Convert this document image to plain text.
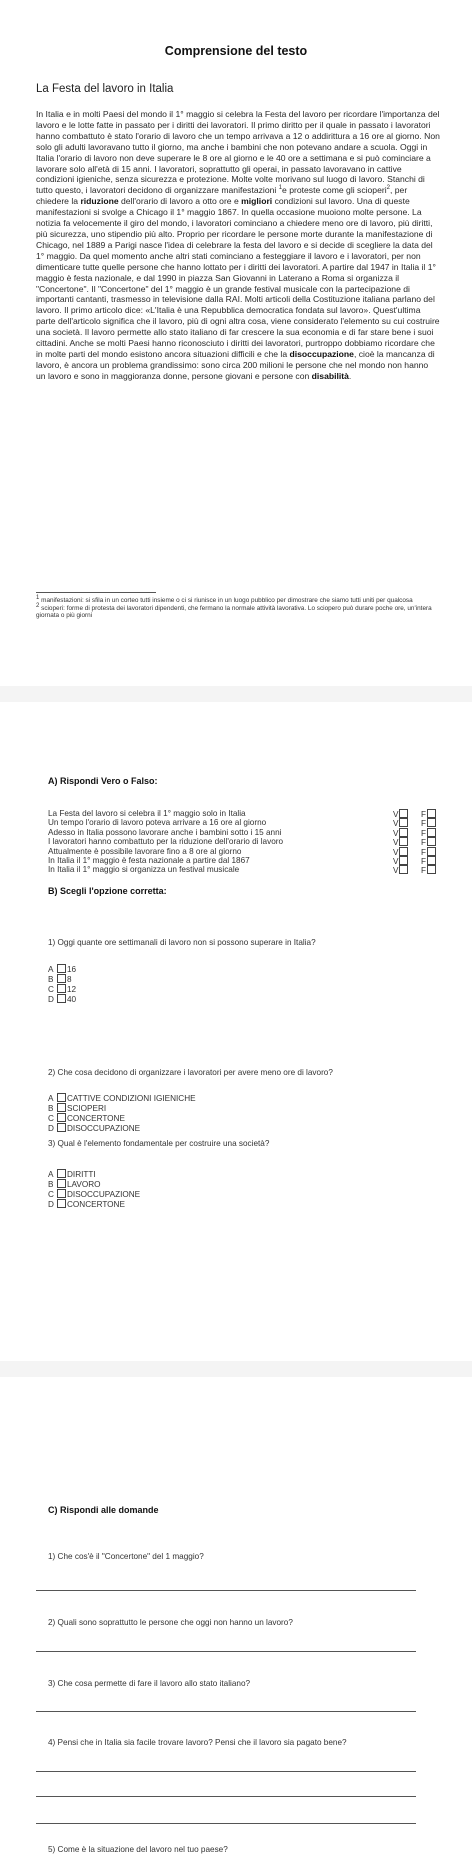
Comprensione del testo
La Festa del lavoro in Italia
In Italia e in molti Paesi del mondo il 1° maggio si celebra la Festa del lavoro per ricordare l'importanza del lavoro e le lotte fatte in passato per i diritti dei lavoratori. Il primo diritto per il quale in passato i lavoratori hanno combattuto è stato l'orario di lavoro che un tempo arrivava a 12 o addirittura a 16 ore al giorno. Non solo gli adulti lavoravano tutto il giorno, ma anche i bambini che non potevano andare a scuola. Oggi in Italia l'orario di lavoro non deve superare le 8 ore al giorno e le 40 ore a settimana e si può cominciare a lavorare solo all'età di 15 anni. I lavoratori, soprattutto gli operai, in passato lavoravano in cattive condizioni igieniche, senza sicurezza e protezione. Molte volte morivano sul luogo di lavoro. Stanchi di tutto questo, i lavoratori decidono di organizzare manifestazioni $^1$e proteste come gli scioperi$^2$, per chiedere la riduzione dell'orario di lavoro a otto ore e migliori condizioni sul lavoro. Una di queste manifestazioni si svolge a Chicago il 1° maggio 1867. In quella occasione muoiono molte persone. La notizia fa velocemente il giro del mondo, i lavoratori cominciano a chiedere meno ore di lavoro, più diritti, più sicurezza, uno stipendio più alto. Proprio per ricordare le persone morte durante la manifestazione di Chicago, nel 1889 a Parigi nasce l'idea di celebrare la festa del lavoro e si decide di scegliere la data del 1° maggio. Da quel momento anche altri stati cominciano a festeggiare il lavoro e i lavoratori, per non dimenticare tutte quelle persone che hanno lottato per i diritti dei lavoratori. A partire dal 1947 in Italia il 1° maggio è festa nazionale, e dal 1990 in piazza San Giovanni in Laterano a Roma si organizza il "Concertone". Il "Concertone" del 1° maggio è un grande festival musicale con la partecipazione di importanti cantanti, trasmesso in televisione dalla RAI. Molti articoli della Costituzione italiana parlano del lavoro. Il primo articolo dice: «L'Italia è una Repubblica democratica fondata sul lavoro». Quest'ultima parte dell'articolo significa che il lavoro, più di ogni altra cosa, viene considerato l'elemento su cui costruire una società. Il lavoro permette allo stato italiano di far crescere la sua economia e di far stare bene i suoi cittadini. Anche se molti Paesi hanno riconosciuto i diritti dei lavoratori, purtroppo dobbiamo ricordare che in molte parti del mondo esistono ancora situazioni difficili e che la disoccupazione, cioè la mancanza di lavoro, è ancora un problema grandissimo: sono circa 200 milioni le persone che nel mondo non hanno un lavoro e sono in maggioranza donne, persone giovani e persone con disabilità.
$^1$ manifestazioni: si sfila in un corteo tutti insieme o ci si riunisce in un luogo pubblico per dimostrare che siamo tutti uniti per qualcosa
$^2$ scioperi: forme di protesta dei lavoratori dipendenti, che fermano la normale attività lavorativa. Lo sciopero può durare poche ore, un'intera giornata o più giorni
A) Rispondi Vero o Falso:
La Festa del lavoro si celebra il 1° maggio solo in Italia	V	F
Un tempo l'orario di lavoro poteva arrivare a 16 ore al giorno	V	F
Adesso in Italia possono lavorare anche i bambini sotto i 15 anni	V	F
I lavoratori hanno combattuto per la riduzione dell'orario di lavoro	V	F
Attualmente è possibile lavorare fino a 8 ore al giorno	V	F
In Italia il 1° maggio è festa nazionale a partire dal 1867	V	F
In Italia il 1° maggio si organizza un festival musicale	V	F
B) Scegli l'opzione corretta:
1) Oggi quante ore settimanali di lavoro non si possono superare in Italia?
A 16
B 8
C 12
D 40
2) Che cosa decidono di organizzare i lavoratori per avere meno ore di lavoro?
A CATTIVE CONDIZIONI IGIENICHE
B SCIOPERI
C CONCERTONE
D DISOCCUPAZIONE
3) Qual è l'elemento fondamentale per costruire una società?
A DIRITTI
B LAVORO
C DISOCCUPAZIONE
D CONCERTONE
C) Rispondi alle domande
1) Che cos'è il "Concertone" del 1 maggio?
2) Quali sono soprattutto le persone che oggi non hanno un lavoro?
3) Che cosa permette di fare il lavoro allo stato italiano?
4) Pensi che in Italia sia facile trovare lavoro? Pensi che il lavoro sia pagato bene?
5) Come è la situazione del lavoro nel tuo paese?
